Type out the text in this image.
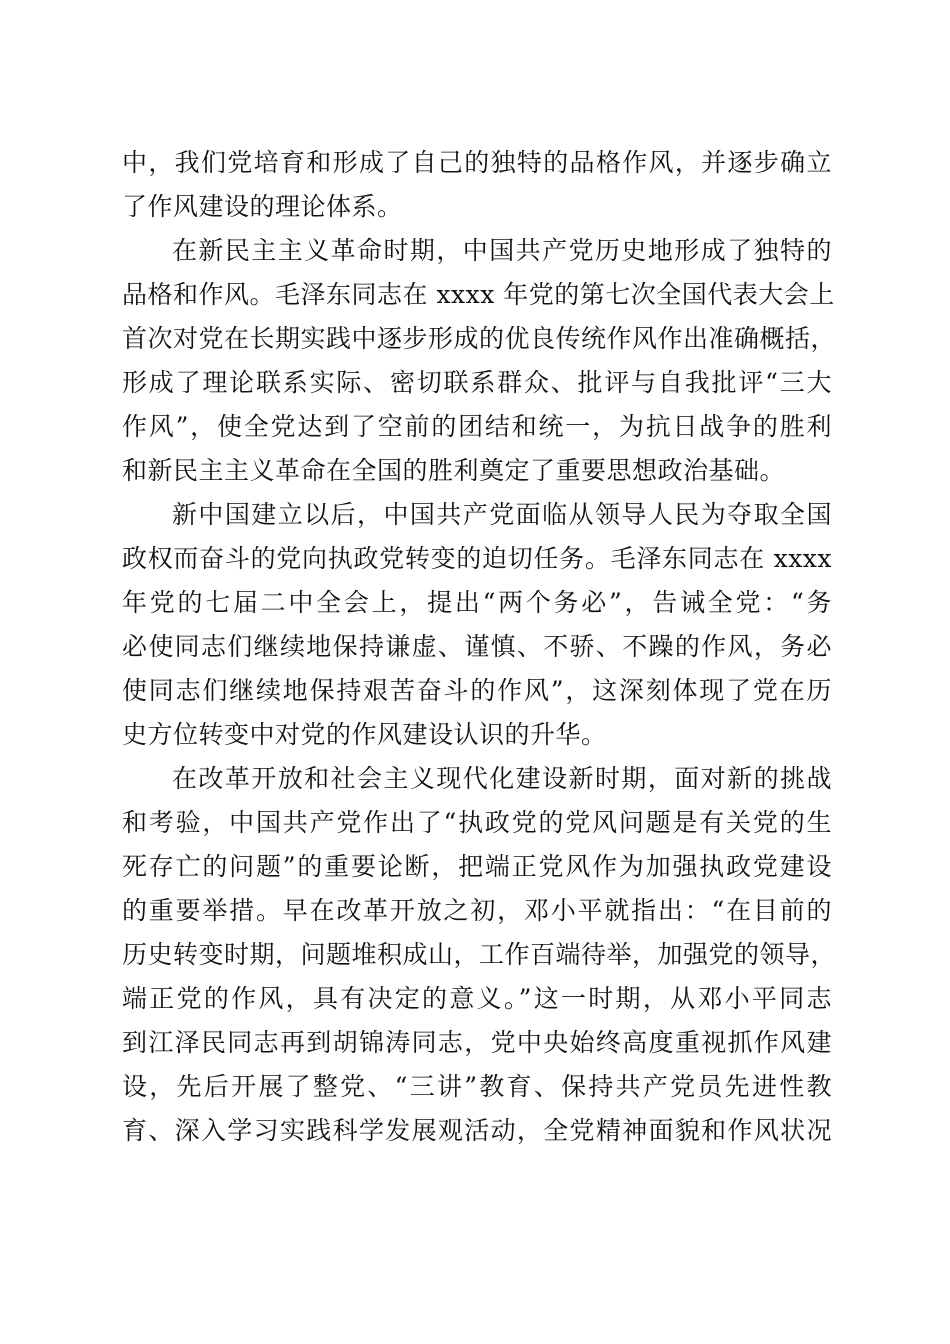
中，我们党培育和形成了自己的独特的品格作风，并逐步确立

了作风建设的理论体系。

在新民主主义革命时期，中国共产党历史地形成了独特的

品格和作风。毛泽东同志在 xxxx 年党的第七次全国代表大会上

首次对党在长期实践中逐步形成的优良传统作风作出准确概括，

形成了理论联系实际、密切联系群众、批评与自我批评“三大

作风”，使全党达到了空前的团结和统一，为抗日战争的胜利

和新民主主义革命在全国的胜利奠定了重要思想政治基础。

新中国建立以后，中国共产党面临从领导人民为夺取全国

政权而奋斗的党向执政党转变的迫切任务。毛泽东同志在 xxxx

年党的七届二中全会上，提出“两个务必”，告诫全党：“务

必使同志们继续地保持谦虚、谨慎、不骄、不躁的作风，务必

使同志们继续地保持艰苦奋斗的作风”，这深刻体现了党在历

史方位转变中对党的作风建设认识的升华。

在改革开放和社会主义现代化建设新时期，面对新的挑战

和考验，中国共产党作出了“执政党的党风问题是有关党的生

死存亡的问题”的重要论断，把端正党风作为加强执政党建设

的重要举措。早在改革开放之初，邓小平就指出：“在目前的

历史转变时期，问题堆积成山，工作百端待举，加强党的领导，

端正党的作风，具有决定的意义。”这一时期，从邓小平同志

到江泽民同志再到胡锦涛同志，党中央始终高度重视抓作风建

设，先后开展了整党、“三讲”教育、保持共产党员先进性教

育、深入学习实践科学发展观活动，全党精神面貌和作风状况
